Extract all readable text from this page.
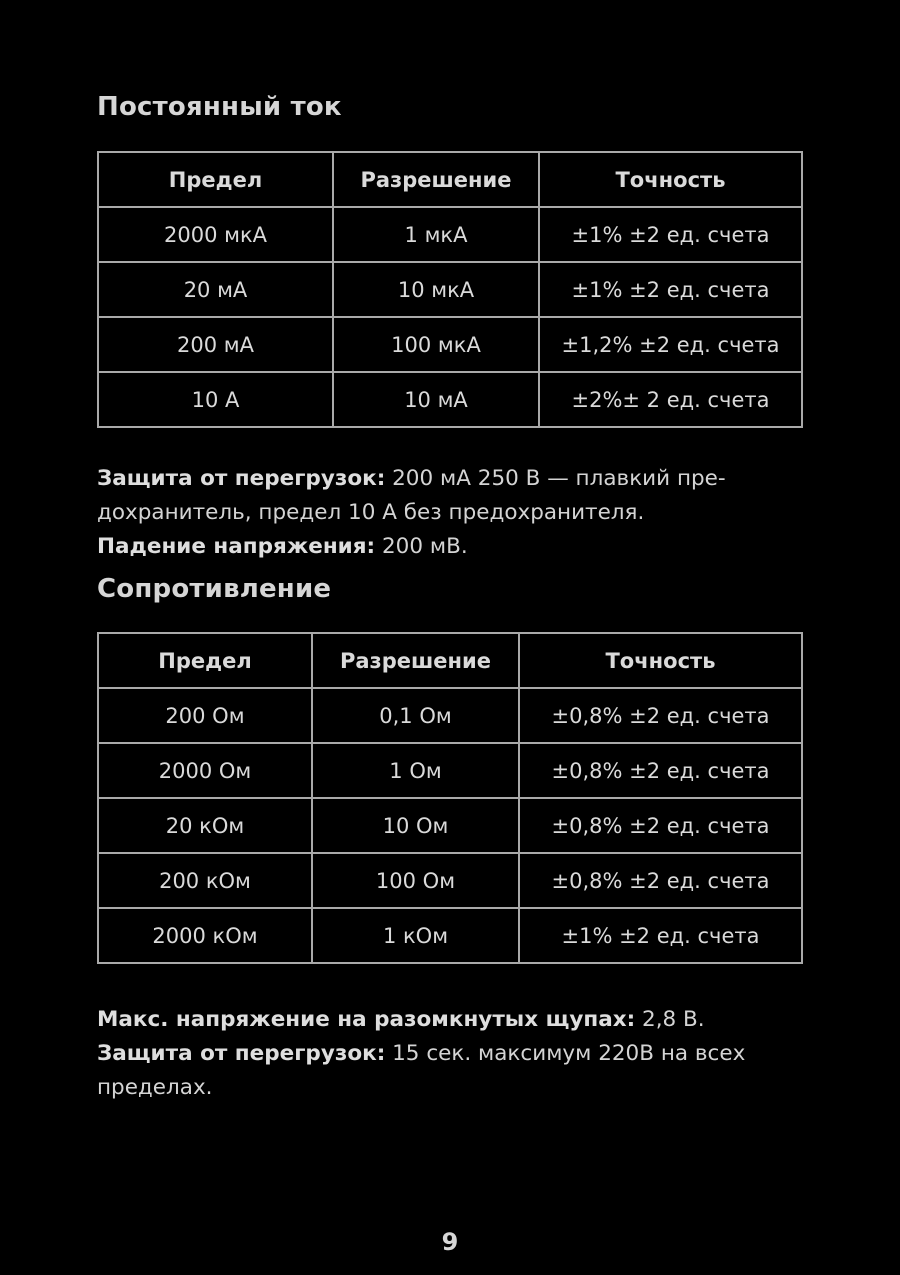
Постоянный ток
Предел	Разрешение	Точность
2000 мкА	1 мкА	±1% ±2 ед. счета
20 мА	10 мкА	±1% ±2 ед. счета
200 мА	100 мкА	±1,2% ±2 ед. счета
10 А	10 мА	±2%± 2 ед. счета

Защита от перегрузок: 200 мА 250 В — плавкий пре-
дохранитель, предел 10 А без предохранителя.
Падение напряжения: 200 мВ.

Сопротивление
Предел	Разрешение	Точность
200 Ом	0,1 Ом	±0,8% ±2 ед. счета
2000 Ом	1 Ом	±0,8% ±2 ед. счета
20 кОм	10 Ом	±0,8% ±2 ед. счета
200 кОм	100 Ом	±0,8% ±2 ед. счета
2000 кОм	1 кОм	±1% ±2 ед. счета

Макс. напряжение на разомкнутых щупах: 2,8 В.
Защита от перегрузок: 15 сек. максимум 220В на всех
пределах.

9
